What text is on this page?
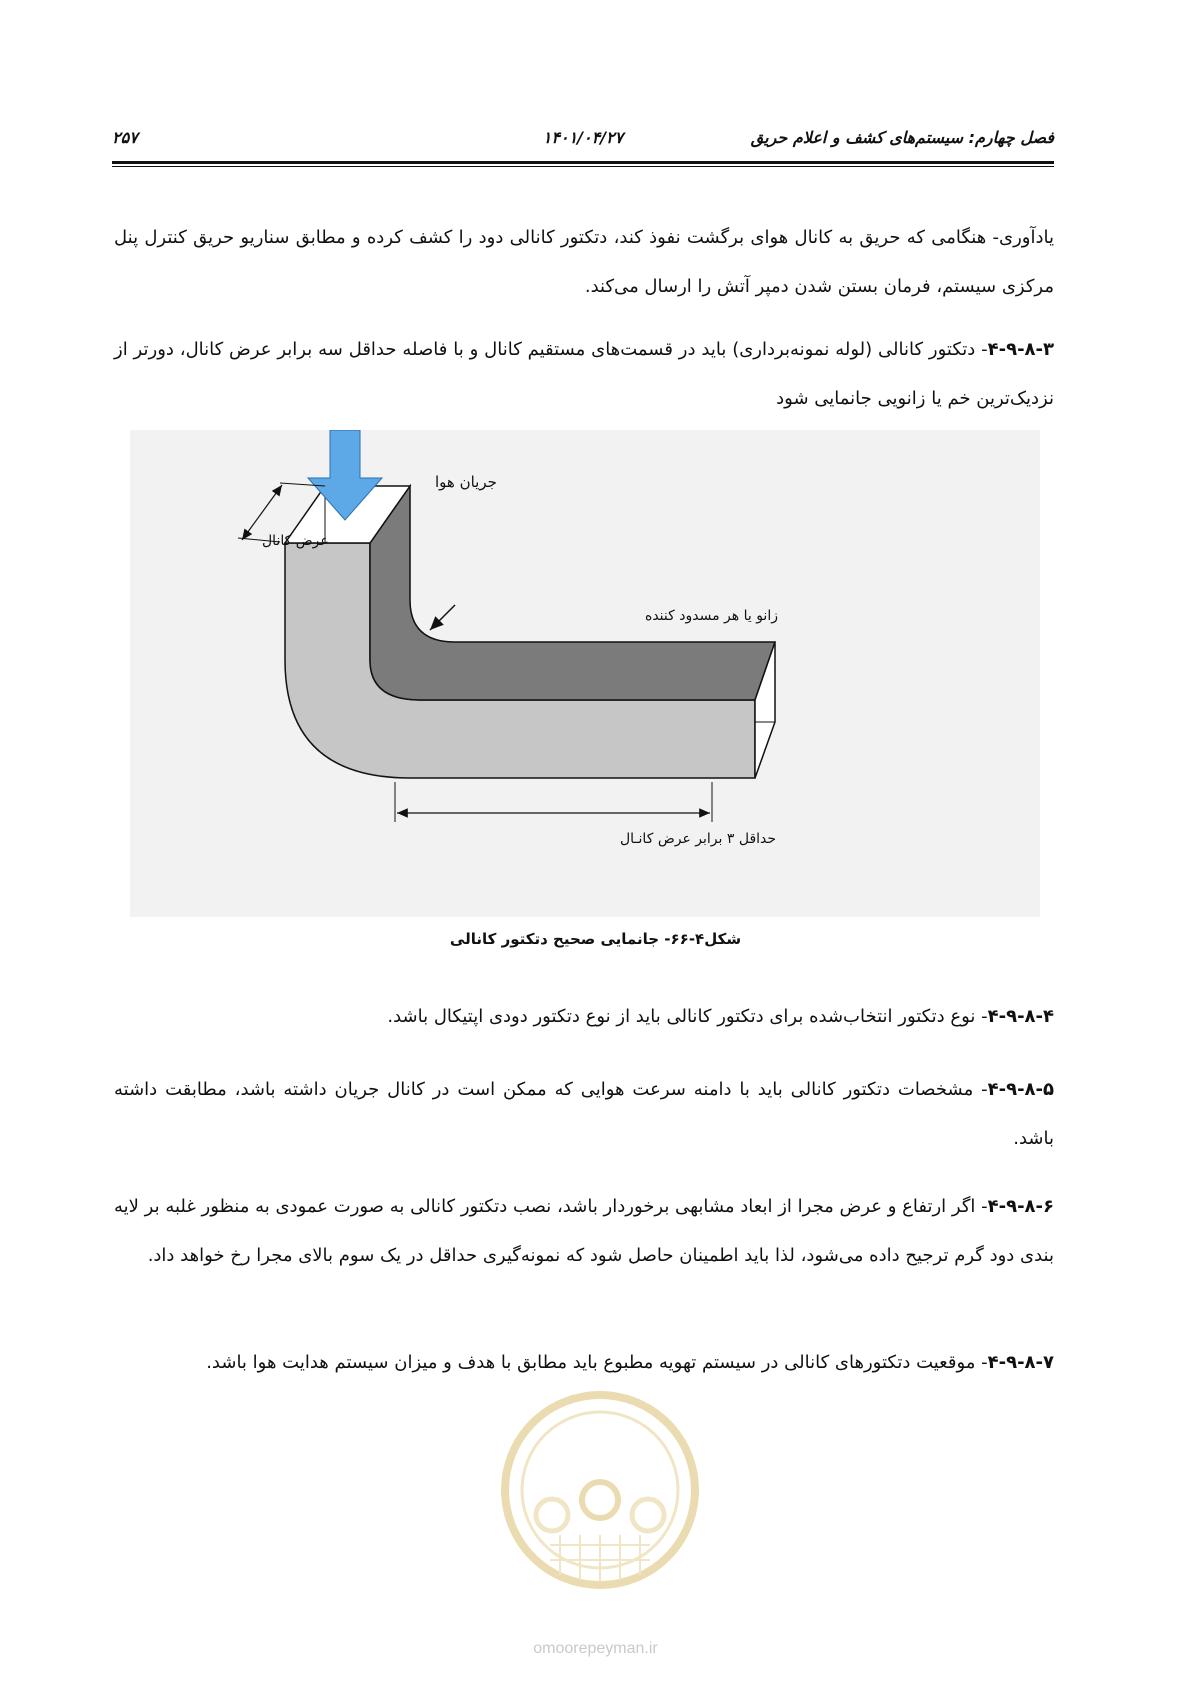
فصل چهارم: سیستم‌های کشف و اعلام حریق
۱۴۰۱/۰۴/۲۷
۲۵۷

یادآوری- هنگامی که حریق به کانال هوای برگشت نفوذ کند، دتکتور کانالی دود را کشف کرده و مطابق سناریو حریق کنترل پنل مرکزی سیستم، فرمان بستن شدن دمپر آتش را ارسال می‌کند.

۴-۹-۸-۳- دتکتور کانالی (لوله نمونه‌برداری) باید در قسمت‌های مستقیم کانال و با فاصله حداقل سه برابر عرض کانال، دورتر از نزدیک‌ترین خم یا زانویی جانمایی شود

جریان هوا
عرض کانال
زانو یا هر مسدود کننده
حداقل ۳ برابر عرض کانـال
شکل۴-۶۶- جانمایی صحیح دتکتور کانالی

۴-۹-۸-۴- نوع دتکتور انتخاب‌شده برای دتکتور کانالی باید از نوع دتکتور دودی اپتیکال باشد.

۴-۹-۸-۵- مشخصات دتکتور کانالی باید با دامنه سرعت هوایی که ممکن است در کانال جریان داشته باشد، مطابقت داشته باشد.

۴-۹-۸-۶- اگر ارتفاع و عرض مجرا از ابعاد مشابهی برخوردار باشد، نصب دتکتور کانالی به صورت عمودی به منظور غلبه بر لایه بندی دود گرم ترجیح داده می‌شود، لذا باید اطمینان حاصل شود که نمونه‌گیری حداقل در یک سوم بالای مجرا رخ خواهد داد.

۴-۹-۸-۷- موقعیت دتکتورهای کانالی در سیستم تهویه مطبوع باید مطابق با هدف و میزان سیستم هدایت هوا باشد.

omoorepeyman.ir
